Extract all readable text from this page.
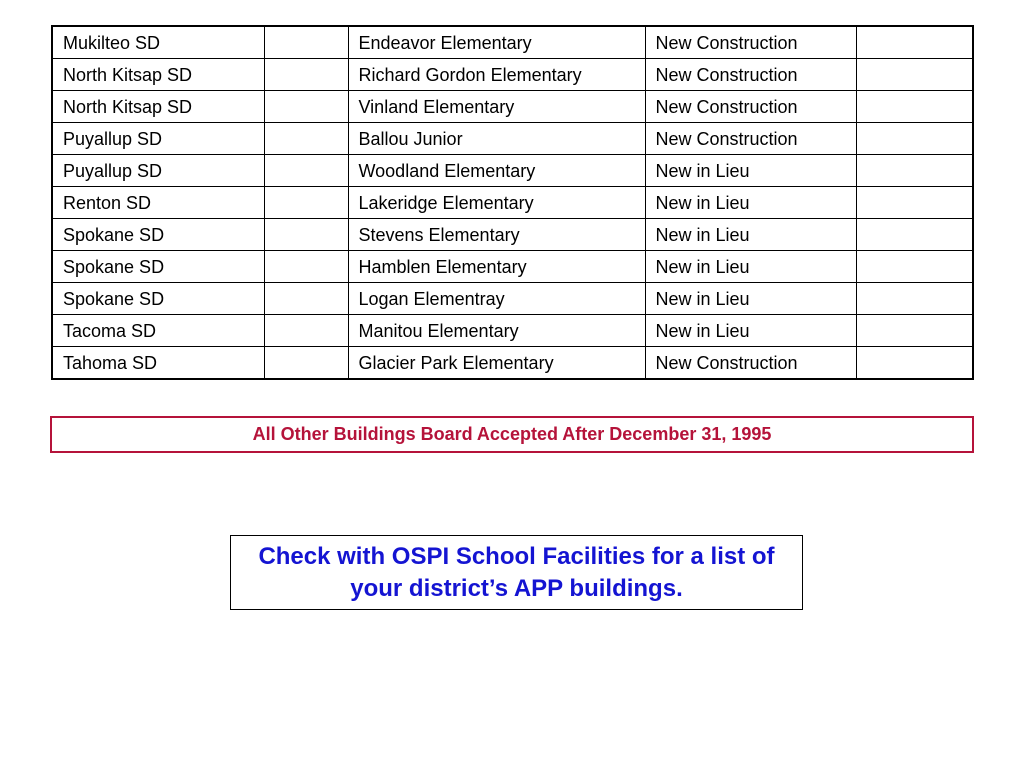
Mukilteo SD		Endeavor Elementary	New Construction	
North Kitsap SD		Richard Gordon Elementary	New Construction	
North Kitsap SD		Vinland Elementary	New Construction	
Puyallup SD		Ballou Junior	New Construction	
Puyallup SD		Woodland Elementary	New in Lieu	
Renton SD		Lakeridge Elementary	New in Lieu	
Spokane SD		Stevens Elementary	New in Lieu	
Spokane SD		Hamblen Elementary	New in Lieu	
Spokane SD		Logan Elementray	New in Lieu	
Tacoma SD		Manitou Elementary	New in Lieu	
Tahoma SD		Glacier Park Elementary	New Construction	
All Other Buildings Board Accepted After December 31, 1995
Check with OSPI School Facilities for a list of
your district’s APP buildings.
